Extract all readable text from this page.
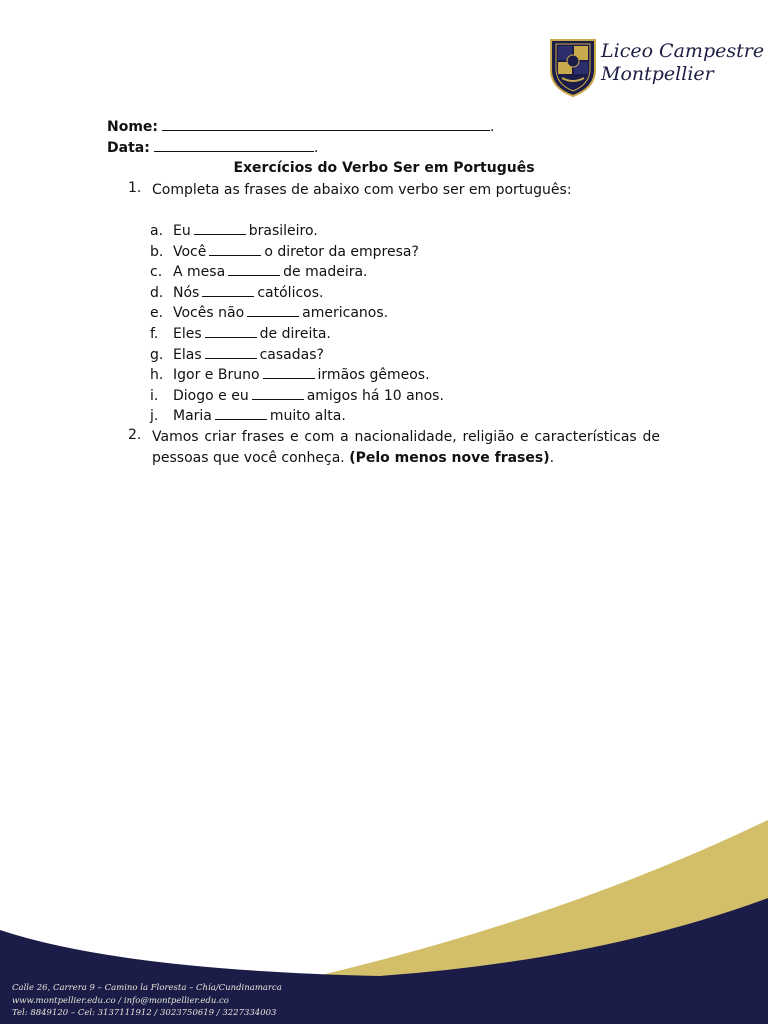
Liceo Campestre
Montpellier
Nome:	.
Data:	.
Exercícios do Verbo Ser em Português
1. Completa as frases de abaixo com verbo ser em português:
a. Eu	brasileiro.
b. Você	o diretor da empresa?
c. A mesa	de madeira.
d. Nós	católicos.
e. Vocês não	americanos.
f. Eles	de direita.
g. Elas	casadas?
h. Igor e Bruno	irmãos gêmeos.
i. Diogo e eu	amigos há 10 anos.
j. Maria	muito alta.
2. Vamos criar frases e com a nacionalidade, religião e características de pessoas que você conheça. (Pelo menos nove frases).
Calle 26, Carrera 9 – Camino la Floresta – Chía/Cundinamarca
www.montpellier.edu.co / info@montpellier.edu.co
Tel: 8849120 – Cel: 3137111912 / 3023750619 / 3227334003
